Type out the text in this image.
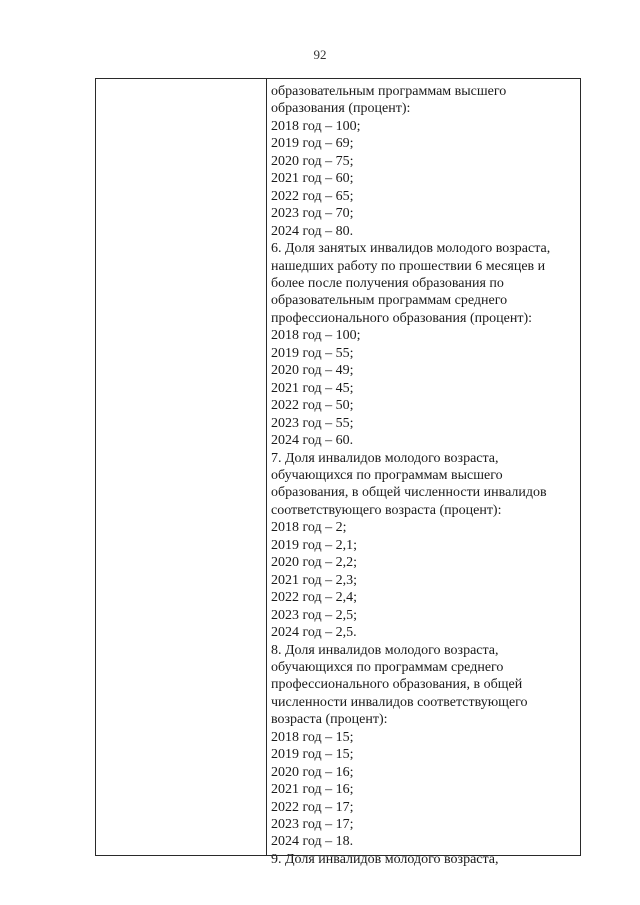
92
образовательным программам высшего
образования (процент):
2018 год – 100;
2019 год – 69;
2020 год – 75;
2021 год – 60;
2022 год – 65;
2023 год – 70;
2024 год – 80.
6. Доля занятых инвалидов молодого возраста,
нашедших работу по прошествии 6 месяцев и
более после получения образования по
образовательным программам среднего
профессионального образования (процент):
2018 год – 100;
2019 год – 55;
2020 год – 49;
2021 год – 45;
2022 год – 50;
2023 год – 55;
2024 год – 60.
7. Доля инвалидов молодого возраста,
обучающихся по программам высшего
образования, в общей численности инвалидов
соответствующего возраста (процент):
2018 год – 2;
2019 год – 2,1;
2020 год – 2,2;
2021 год – 2,3;
2022 год – 2,4;
2023 год – 2,5;
2024 год – 2,5.
8. Доля инвалидов молодого возраста,
обучающихся по программам среднего
профессионального образования, в общей
численности инвалидов соответствующего
возраста (процент):
2018 год – 15;
2019 год – 15;
2020 год – 16;
2021 год – 16;
2022 год – 17;
2023 год – 17;
2024 год – 18.
9. Доля инвалидов молодого возраста,
